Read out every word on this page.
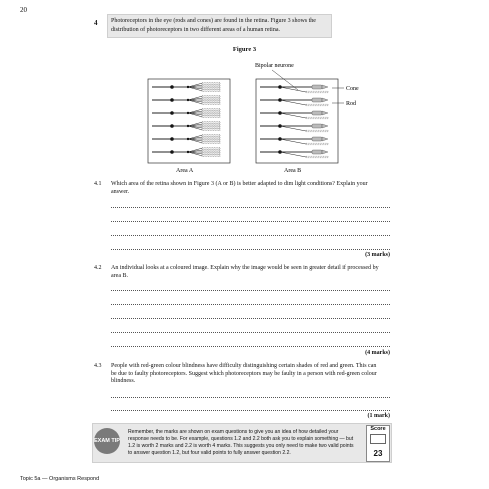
20
4	Photoreceptors in the eye (rods and cones) are found in the retina. Figure 3 shows the distribution of photoreceptors in two different areas of a human retina.
Figure 3
Bipolar neurone
Cone
Rod
Area A	Area B
4.1 Which area of the retina shown in Figure 3 (A or B) is better adapted to dim light conditions? Explain your answer.
(3 marks)
4.2 An individual looks at a coloured image. Explain why the image would be seen in greater detail if processed by area B.
(4 marks)
4.3 People with red-green colour blindness have difficulty distinguishing certain shades of red and green. This can be due to faulty photoreceptors. Suggest which photoreceptors may be faulty in a person with red-green colour blindness.
(1 mark)
EXAM TIP
Remember, the marks are shown on exam questions to give you an idea of how detailed your response needs to be. For example, questions 1.2 and 2.2 both ask you to explain something — but 1.2 is worth 2 marks and 2.2 is worth 4 marks. This suggests you only need to make two valid points to answer question 1.2, but four valid points to fully answer question 2.2.
Score
23
Topic 5a — Organisms Respond
